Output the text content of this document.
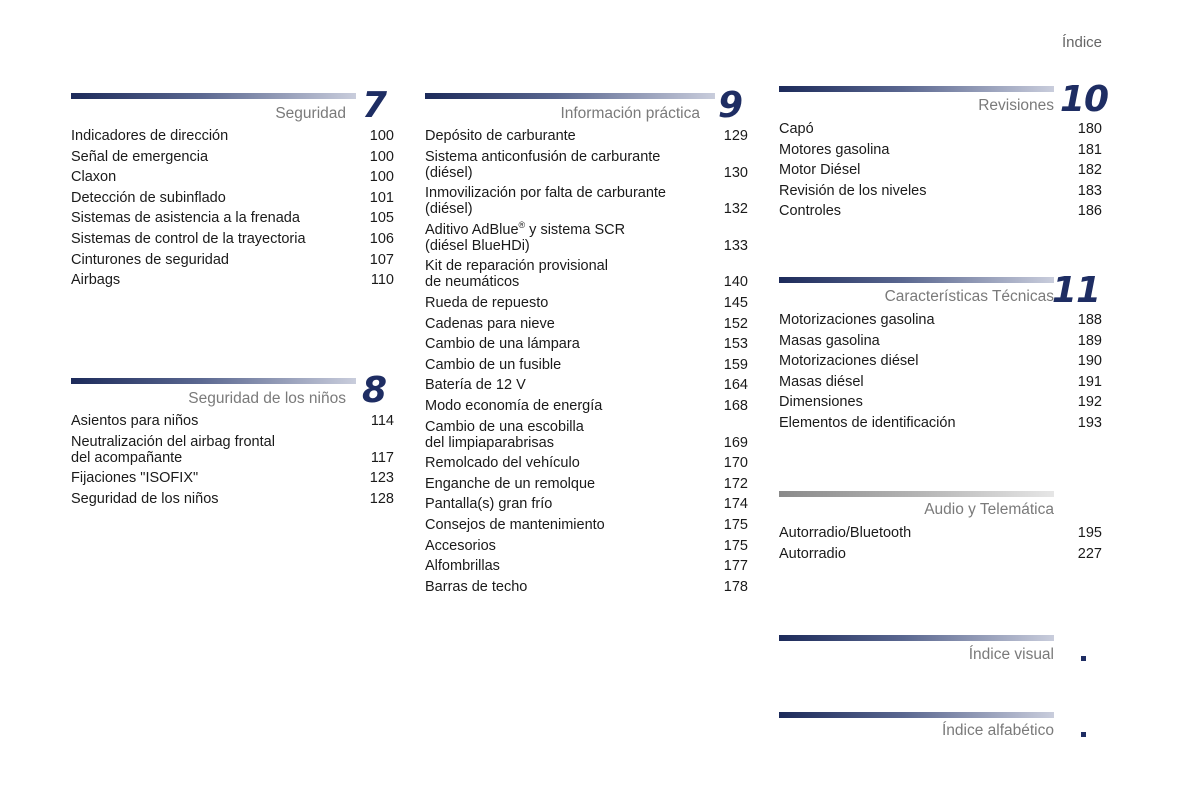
Índice
Seguridad 7
Indicadores de dirección	100
Señal de emergencia	100
Claxon	100
Detección de subinflado	101
Sistemas de asistencia a la frenada	105
Sistemas de control de la trayectoria	106
Cinturones de seguridad	107
Airbags	110
Seguridad de los niños 8
Asientos para niños	114
Neutralización del airbag frontal
del acompañante	117
Fijaciones "ISOFIX"	123
Seguridad de los niños	128
Información práctica 9
Depósito de carburante	129
Sistema anticonfusión de carburante
(diésel)	130
Inmovilización por falta de carburante
(diésel)	132
Aditivo AdBlue® y sistema SCR
(diésel BlueHDi)	133
Kit de reparación provisional
de neumáticos	140
Rueda de repuesto	145
Cadenas para nieve	152
Cambio de una lámpara	153
Cambio de un fusible	159
Batería de 12 V	164
Modo economía de energía	168
Cambio de una escobilla
del limpiaparabrisas	169
Remolcado del vehículo	170
Enganche de un remolque	172
Pantalla(s) gran frío	174
Consejos de mantenimiento	175
Accesorios	175
Alfombrillas	177
Barras de techo	178
Revisiones 10
Capó	180
Motores gasolina	181
Motor Diésel	182
Revisión de los niveles	183
Controles	186
Características Técnicas
11
Motorizaciones gasolina	188
Masas gasolina	189
Motorizaciones diésel	190
Masas diésel	191
Dimensiones	192
Elementos de identificación	193
Audio y Telemática
Autorradio/Bluetooth	195
Autorradio	227
Índice visual
Índice alfabético
